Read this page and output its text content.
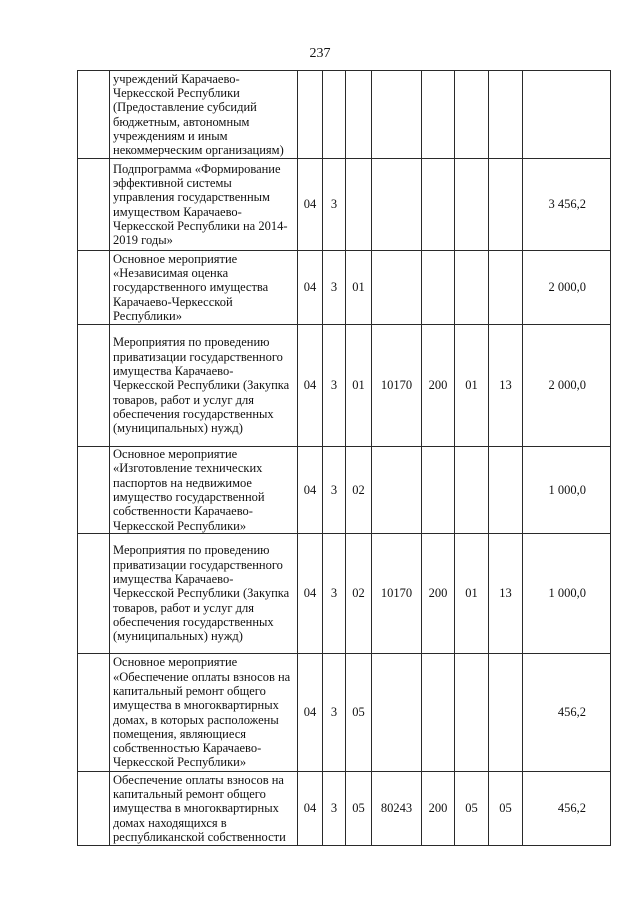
237

	учреждений Карачаево-Черкесской Республики (Предоставление субсидий бюджетным, автономным учреждениям и иным некоммерческим организациям)								

	Подпрограмма «Формирование эффективной системы управления государственным имуществом Карачаево-Черкесской Республики на 2014-2019 годы»	04	3						3 456,2

	Основное мероприятие «Независимая оценка государственного имущества Карачаево-Черкесской Республики»	04	3	01					2 000,0

	Мероприятия по проведению приватизации государственного имущества Карачаево-Черкесской Республики (Закупка товаров, работ и услуг для обеспечения государственных (муниципальных) нужд)	04	3	01	10170	200	01	13	2 000,0

	Основное мероприятие «Изготовление технических паспортов на недвижимое имущество государственной собственности Карачаево-Черкесской Республики»	04	3	02					1 000,0

	Мероприятия по проведению приватизации государственного имущества Карачаево-Черкесской Республики (Закупка товаров, работ и услуг для обеспечения государственных (муниципальных) нужд)	04	3	02	10170	200	01	13	1 000,0

	Основное мероприятие «Обеспечение оплаты взносов на капитальный ремонт общего имущества в многоквартирных домах, в которых расположены помещения, являющиеся собственностью Карачаево-Черкесской Республики»	04	3	05					456,2

	Обеспечение оплаты взносов на капитальный ремонт общего имущества в многоквартирных домах находящихся в республиканской собственности	04	3	05	80243	200	05	05	456,2
